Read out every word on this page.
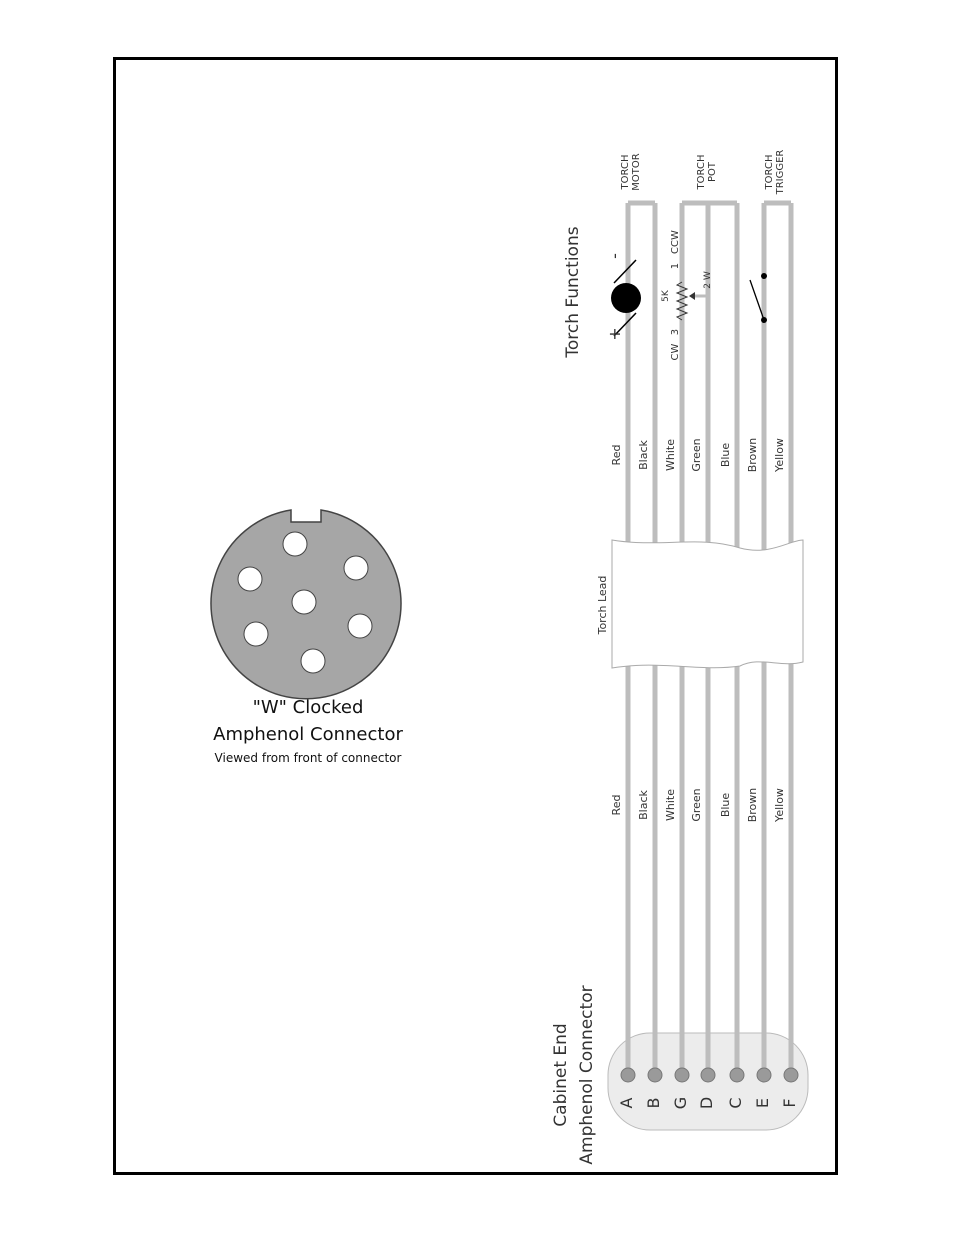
Torch Lead
Red
Red
Black
Black
White
White
Green
Green
Blue
Blue
Brown
Brown
Yellow
Yellow
A B G D C E F
Torch Functions
Cabinet End Amphenol Connector
TORCH MOTOR	TORCH POT	TORCH TRIGGER
+
-
5K
CW
3
1
CCW
2 W
"W" Clocked
Amphenol Connector
Viewed from front of connector
